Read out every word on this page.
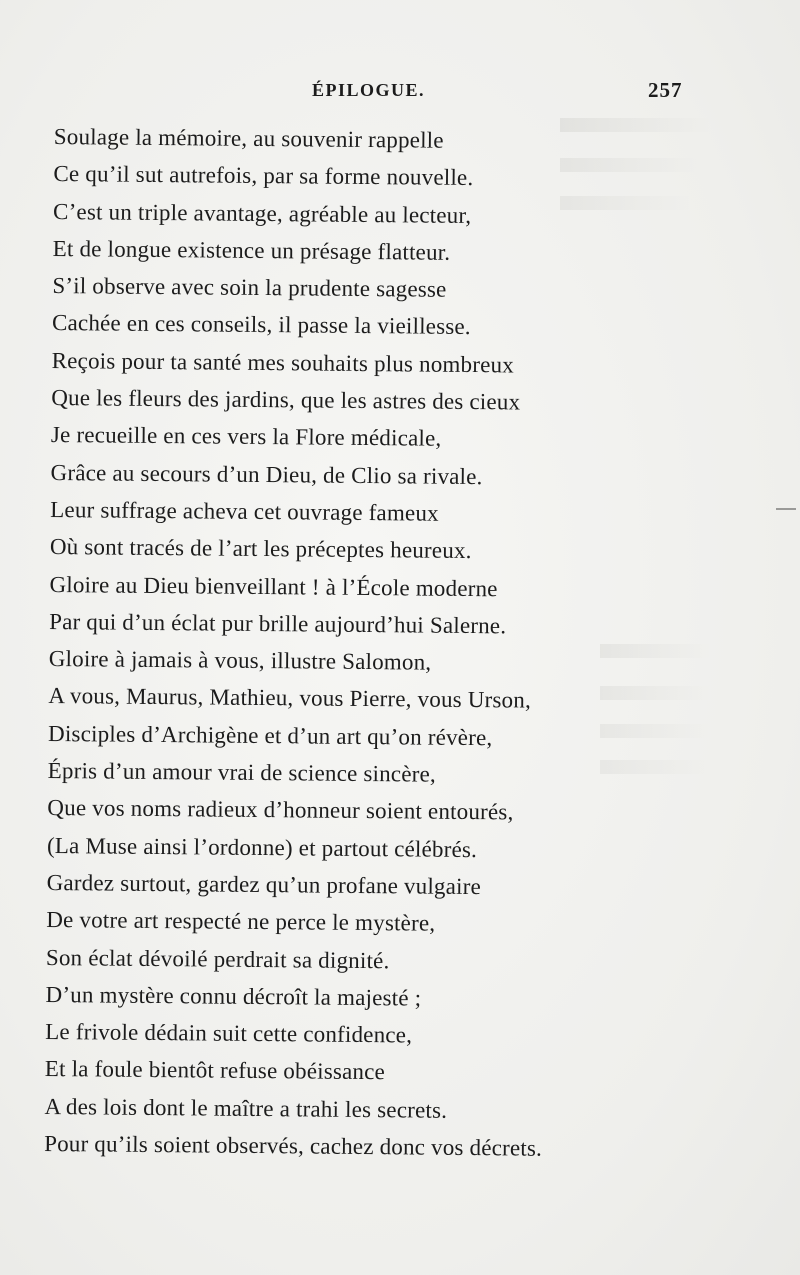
ÉPILOGUE.	257
Soulage la mémoire, au souvenir rappelle
Ce qu’il sut autrefois, par sa forme nouvelle.
C’est un triple avantage, agréable au lecteur,
Et de longue existence un présage flatteur.
S’il observe avec soin la prudente sagesse
Cachée en ces conseils, il passe la vieillesse.
Reçois pour ta santé mes souhaits plus nombreux
Que les fleurs des jardins, que les astres des cieux
Je recueille en ces vers la Flore médicale,
Grâce au secours d’un Dieu, de Clio sa rivale.
Leur suffrage acheva cet ouvrage fameux
Où sont tracés de l’art les préceptes heureux.
Gloire au Dieu bienveillant ! à l’École moderne
Par qui d’un éclat pur brille aujourd’hui Salerne.
Gloire à jamais à vous, illustre Salomon,
A vous, Maurus, Mathieu, vous Pierre, vous Urson,
Disciples d’Archigène et d’un art qu’on révère,
Épris d’un amour vrai de science sincère,
Que vos noms radieux d’honneur soient entourés,
(La Muse ainsi l’ordonne) et partout célébrés.
Gardez surtout, gardez qu’un profane vulgaire
De votre art respecté ne perce le mystère,
Son éclat dévoilé perdrait sa dignité.
D’un mystère connu décroît la majesté ;
Le frivole dédain suit cette confidence,
Et la foule bientôt refuse obéissance
A des lois dont le maître a trahi les secrets.
Pour qu’ils soient observés, cachez donc vos décrets.
